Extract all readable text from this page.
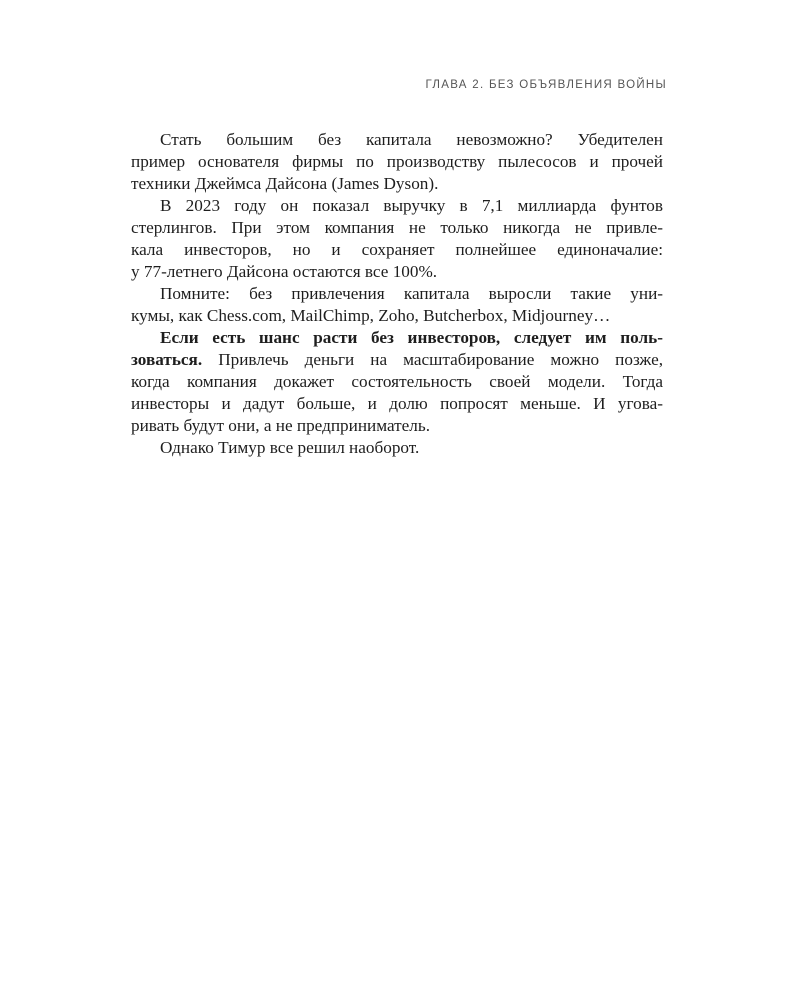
ГЛАВА 2. БЕЗ ОБЪЯВЛЕНИЯ ВОЙНЫ
Стать большим без капитала невозможно? Убедителен
пример основателя фирмы по производству пылесосов и прочей
техники Джеймса Дайсона (James Dyson).
В 2023 году он показал выручку в 7,1 миллиарда фунтов
стерлингов. При этом компания не только никогда не привле-
кала инвесторов, но и сохраняет полнейшее единоначалие:
у 77-летнего Дайсона остаются все 100%.
Помните: без привлечения капитала выросли такие уни-
кумы, как Chess.com, MailChimp, Zoho, Butcherbox, Midjourney…
Если есть шанс расти без инвесторов, следует им поль-
зоваться. Привлечь деньги на масштабирование можно позже,
когда компания докажет состоятельность своей модели. Тогда
инвесторы и дадут больше, и долю попросят меньше. И угова-
ривать будут они, а не предприниматель.
Однако Тимур все решил наоборот.
